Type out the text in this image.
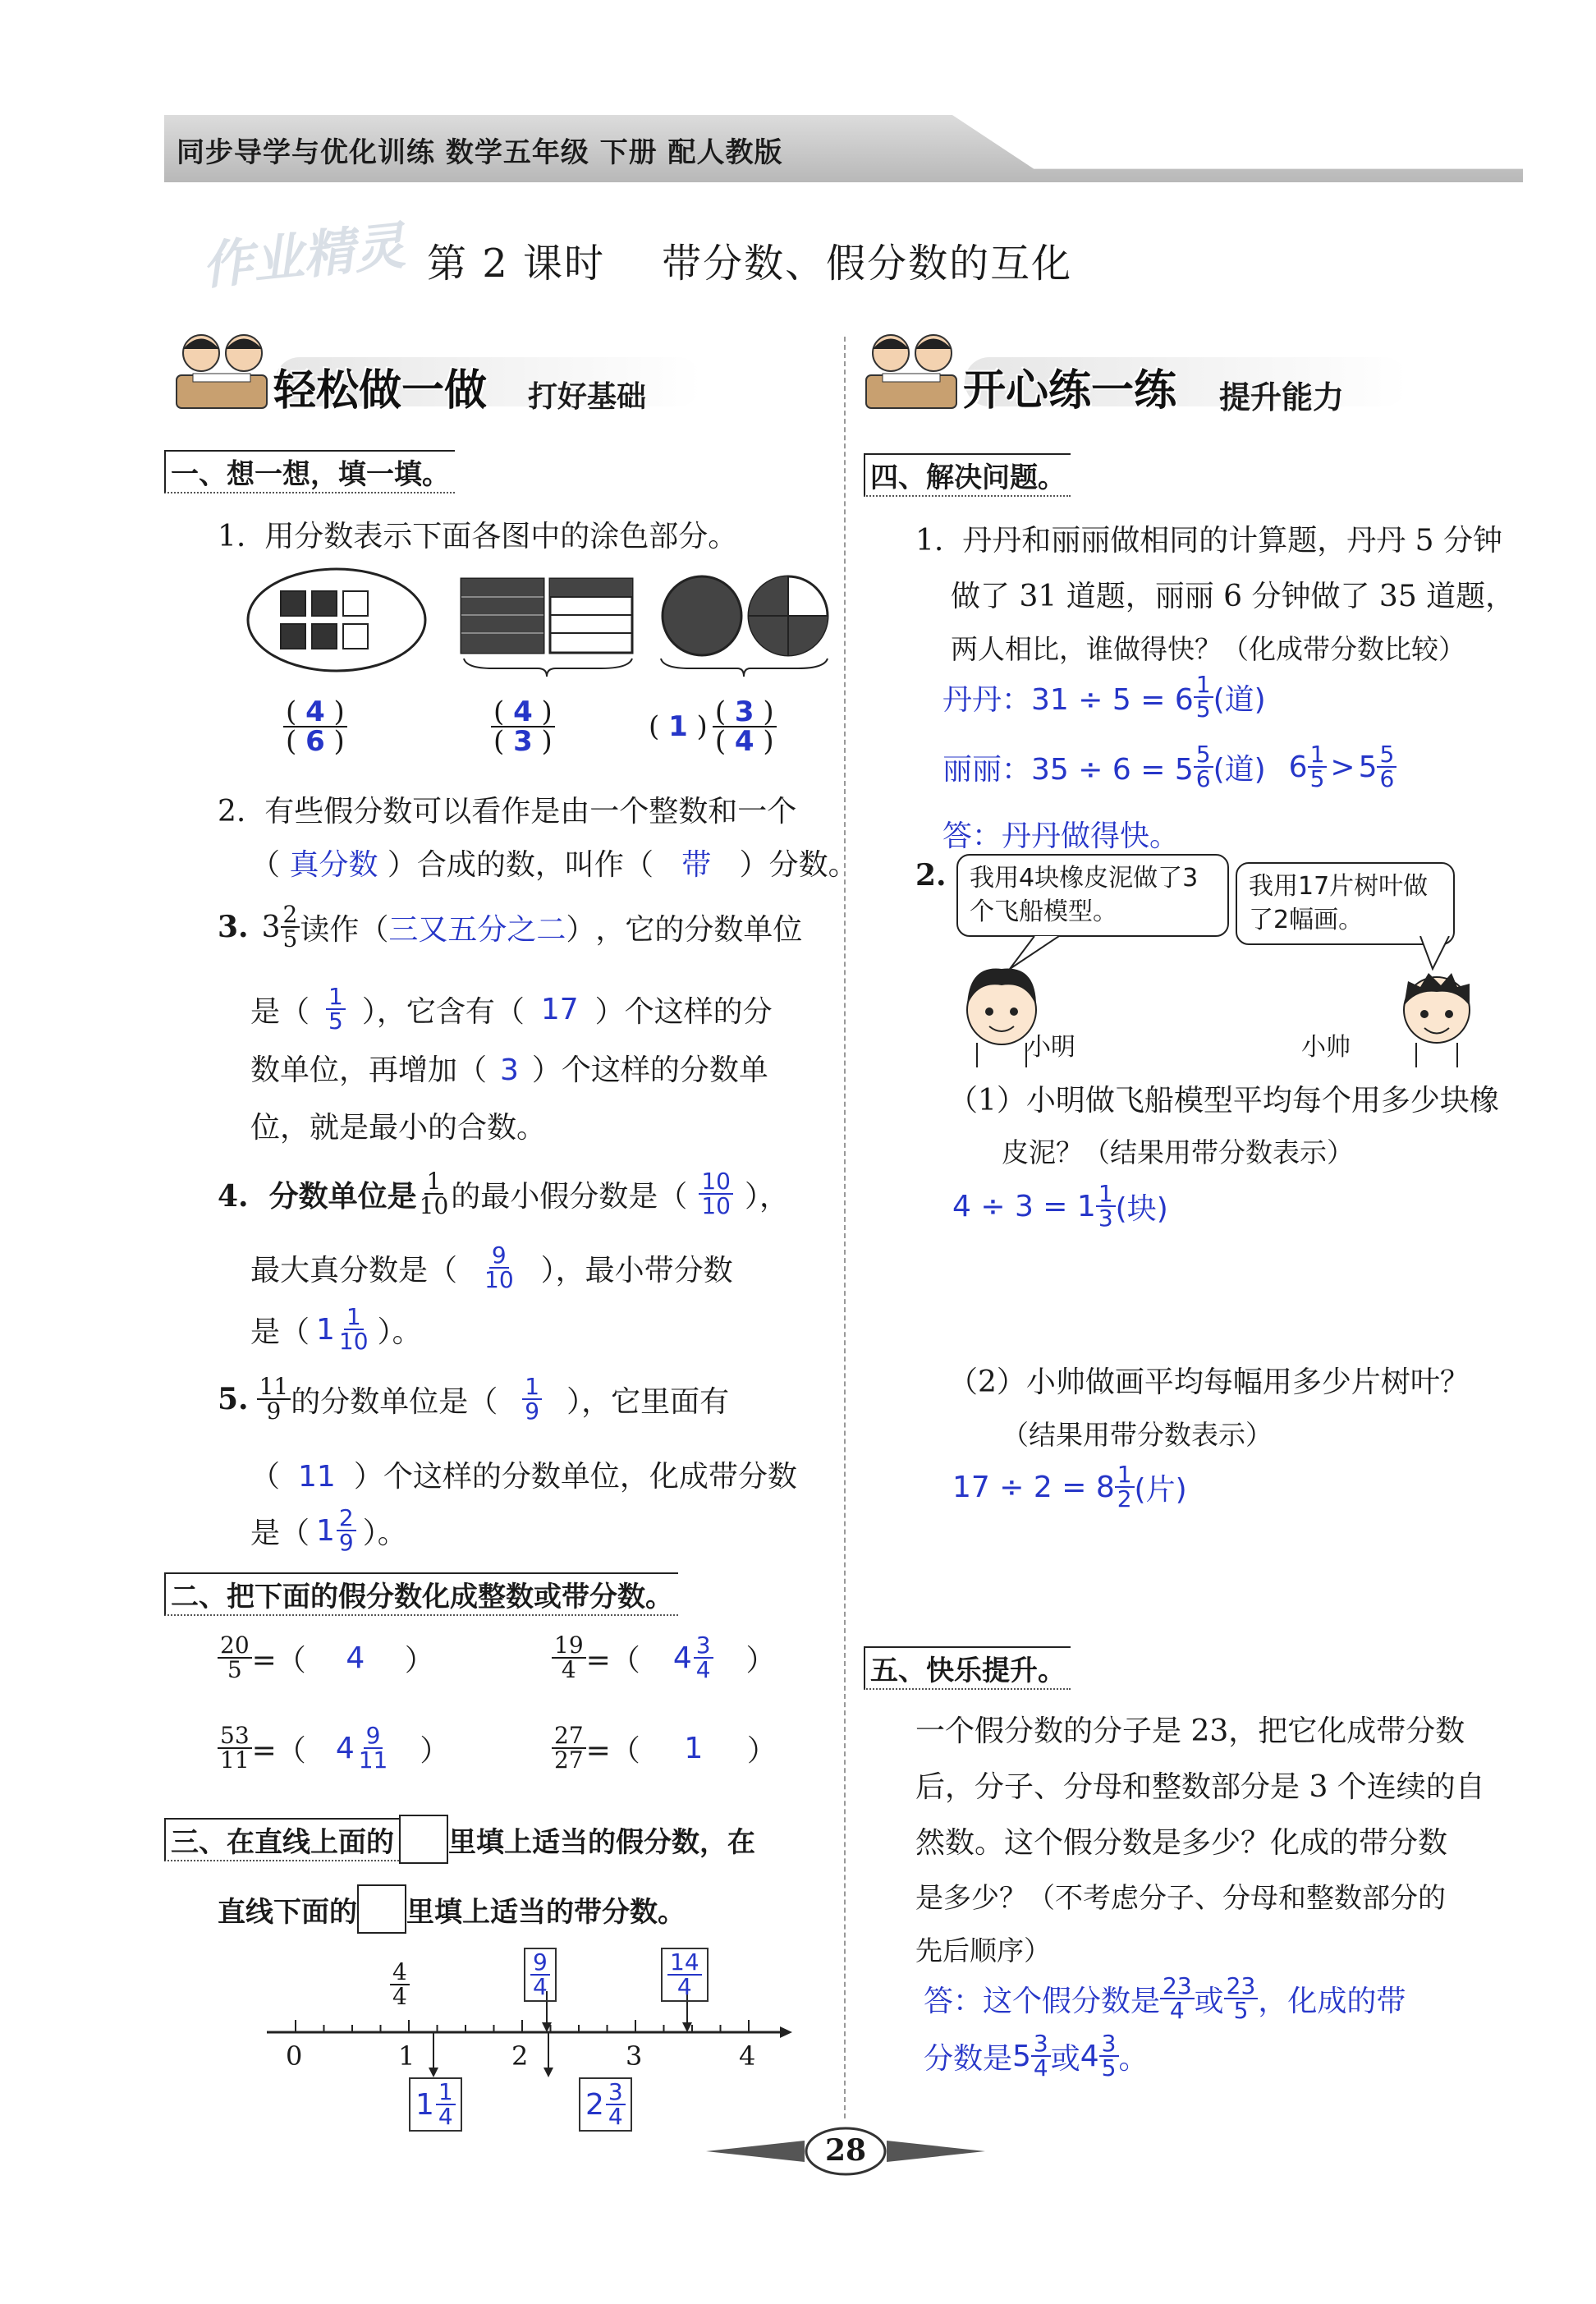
同步导学与优化训练 数学五年级 下册 配人教版
作业精灵 第 2 课时    带分数、假分数的互化
轻松做一做 打好基础
一、想一想，填一填。
1.  用分数表示下面各图中的涂色部分。
$\frac{( 4 )}{( 6 )}$	$\frac{( 4 )}{( 3 )}$	( 1 ) $\frac{( 3 )}{( 4 )}$
2.  有些假分数可以看作是由一个整数和一个
（ 真分数 ）合成的数，叫作（   带   ）分数。
3. $3 \frac{2}{5}$ 读作 （ 三又五分之二 ） ，它的分数单位
是（ $\frac{1}{5}$ ），它含有（ 17 ）个这样的分
数单位，再增加（ 3 ）个这样的分数单
位，就是最小的合数。
4.  分数单位是 $\frac{1}{10}$ 的最小假分数是（ $\frac{10}{10}$ ），
最大真分数是（ $\frac{9}{10}$ ），最小带分数
是（ $1 \frac{1}{10}$ ）。
5. $\frac{11}{9}$ 的分数单位是（ $\frac{1}{9}$ ），它里面有
（ 11 ）个这样的分数单位，化成带分数
是（ $1 \frac{2}{9}$ ）。
二、把下面的假分数化成整数或带分数。
$\frac{20}{5}$ =（	4	）	$\frac{19}{4}$ =（ $4 \frac{3}{4}$ ）
$\frac{53}{11}$ =（ $4 \frac{9}{11}$ ）	$\frac{27}{27}$ =（	1	）
三、在直线上面的 里填上适当的假分数，在
直线下面的 里填上适当的带分数。
0	1	2	3	4
$\frac{4}{4}$	$\frac{9}{4}$	$\frac{14}{4}$
$1 \frac{1}{4}$	$2 \frac{3}{4}$
开心练一练 提升能力
四、解决问题。
1.  丹丹和丽丽做相同的计算题，丹丹 5 分钟
做了 31 道题，丽丽 6 分钟做了 35 道题，
两人相比，谁做得快？（化成带分数比较）
丹丹：$31 \div 5 = 6 \frac{1}{5}$ (道)
丽丽：$35 \div 6 = 5 \frac{5}{6}$ (道) $6 \frac{1}{5} > 5 \frac{5}{6}$
答：丹丹做得快。
2. 我用4块橡皮泥做了3个飞船模型。
我用17片树叶做了2幅画。
小明	小帅
（1）小明做飞船模型平均每个用多少块橡
皮泥？（结果用带分数表示）
$4 \div 3 = 1 \frac{1}{3}$ (块)
（2）小帅做画平均每幅用多少片树叶？
（结果用带分数表示）
$17 \div 2 = 8 \frac{1}{2}$ (片)
五、快乐提升。
一个假分数的分子是 23，把它化成带分数
后，分子、分母和整数部分是 3 个连续的自
然数。这个假分数是多少？化成的带分数
是多少？（不考虑分子、分母和整数部分的
先后顺序）
答：这个假分数是 $\frac{23}{4}$ 或 $\frac{23}{5}$ ，化成的带
分数是 $5 \frac{3}{4}$ 或 $4 \frac{3}{5}$ 。
28
